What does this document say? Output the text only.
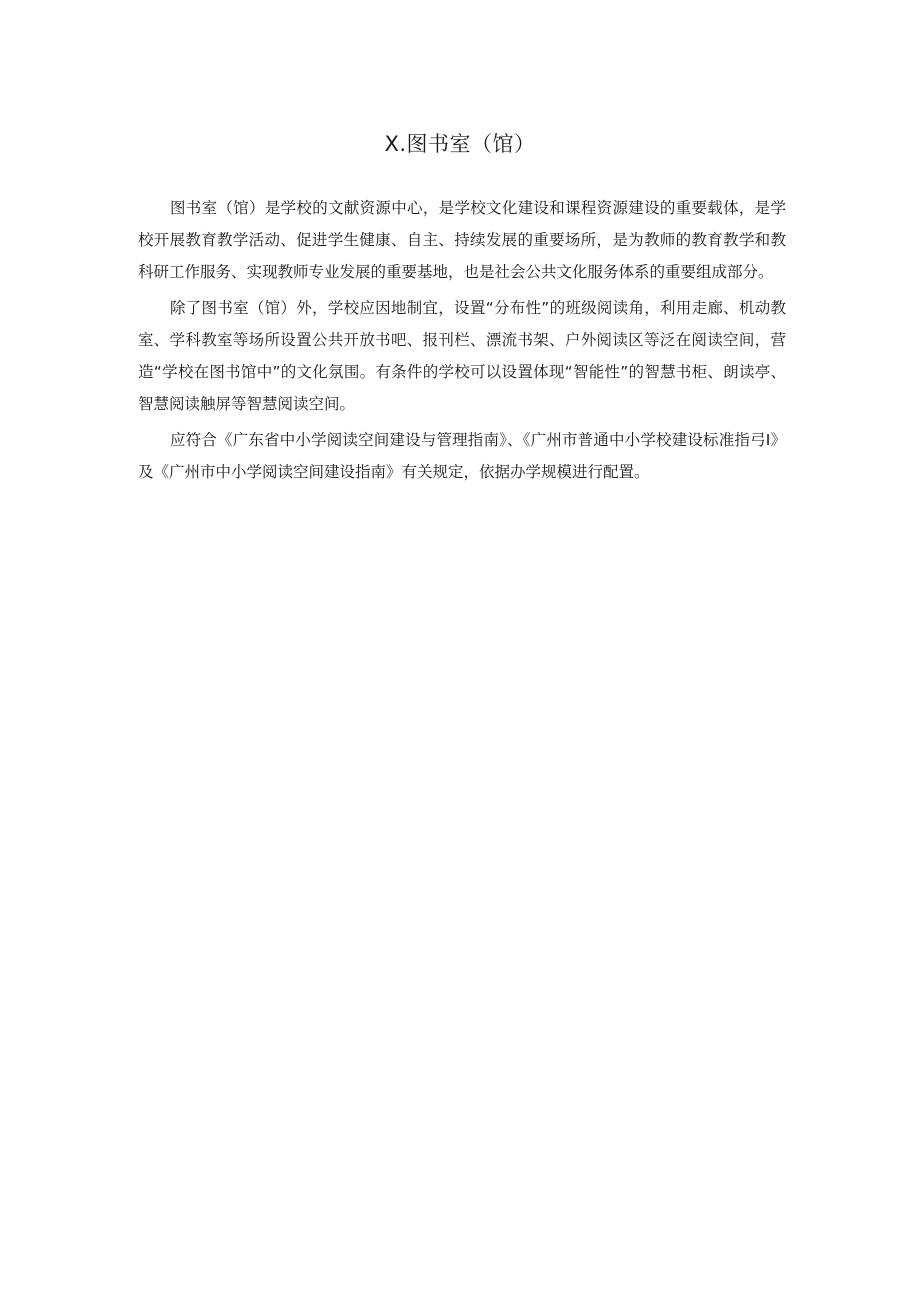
X.图书室（馆）

图书室（馆）是学校的文献资源中心，是学校文化建设和课程资源建设的重要载体，是学校开展教育教学活动、促进学生健康、自主、持续发展的重要场所，是为教师的教育教学和教科研工作服务、实现教师专业发展的重要基地，也是社会公共文化服务体系的重要组成部分。

除了图书室（馆）外，学校应因地制宜，设置“分布性”的班级阅读角，利用走廊、机动教室、学科教室等场所设置公共开放书吧、报刊栏、漂流书架、户外阅读区等泛在阅读空间，营造“学校在图书馆中”的文化氛围。有条件的学校可以设置体现“智能性”的智慧书柜、朗读亭、智慧阅读触屏等智慧阅读空间。

应符合《广东省中小学阅读空间建设与管理指南》、《广州市普通中小学校建设标准指弓I》及《广州市中小学阅读空间建设指南》有关规定，依据办学规模进行配置。
